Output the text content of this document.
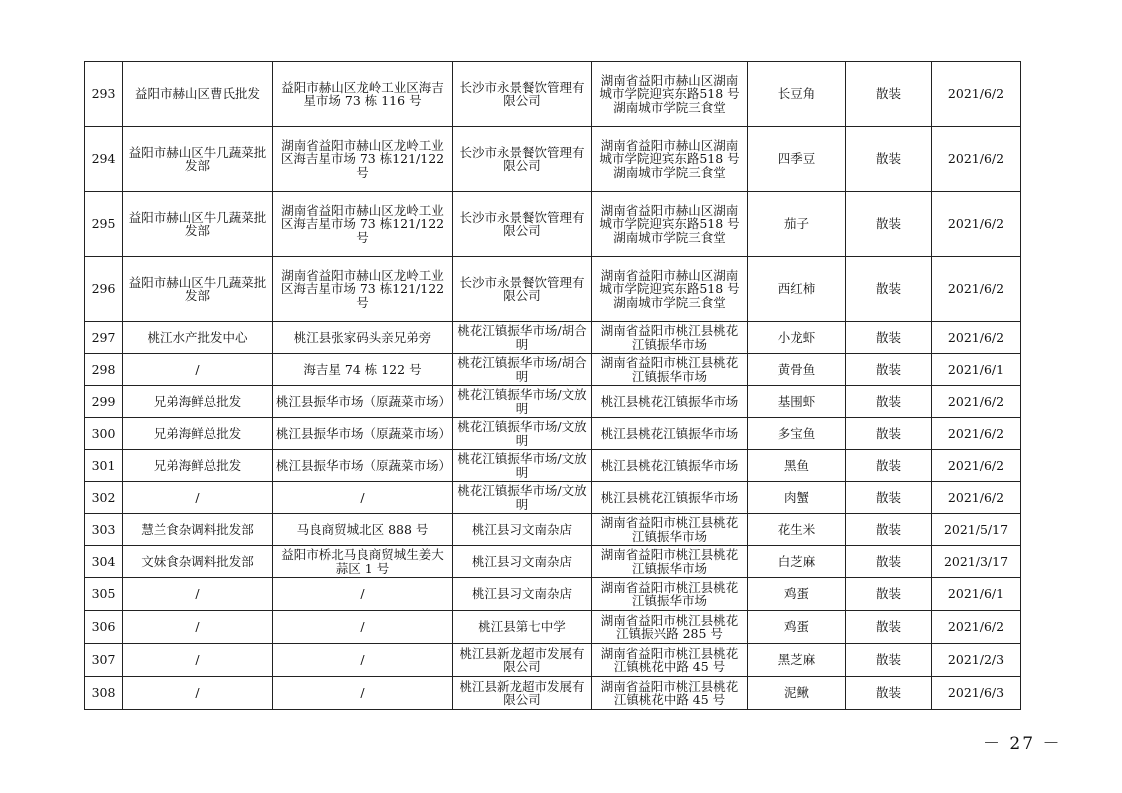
293	益阳市赫山区曹氏批发	益阳市赫山区龙岭工业区海吉星市场 73 栋 116 号	长沙市永景餐饮管理有限公司	湖南省益阳市赫山区湖南城市学院迎宾东路518 号湖南城市学院三食堂	长豆角	散装	2021/6/2
294	益阳市赫山区牛几蔬菜批发部	湖南省益阳市赫山区龙岭工业区海吉星市场 73 栋121/122 号	长沙市永景餐饮管理有限公司	湖南省益阳市赫山区湖南城市学院迎宾东路518 号湖南城市学院三食堂	四季豆	散装	2021/6/2
295	益阳市赫山区牛几蔬菜批发部	湖南省益阳市赫山区龙岭工业区海吉星市场 73 栋121/122 号	长沙市永景餐饮管理有限公司	湖南省益阳市赫山区湖南城市学院迎宾东路518 号湖南城市学院三食堂	茄子	散装	2021/6/2
296	益阳市赫山区牛几蔬菜批发部	湖南省益阳市赫山区龙岭工业区海吉星市场 73 栋121/122 号	长沙市永景餐饮管理有限公司	湖南省益阳市赫山区湖南城市学院迎宾东路518 号湖南城市学院三食堂	西红柿	散装	2021/6/2
297	桃江水产批发中心	桃江县张家码头亲兄弟旁	桃花江镇振华市场/胡合明	湖南省益阳市桃江县桃花江镇振华市场	小龙虾	散装	2021/6/2
298	/	海吉星 74 栋 122 号	桃花江镇振华市场/胡合明	湖南省益阳市桃江县桃花江镇振华市场	黄骨鱼	散装	2021/6/1
299	兄弟海鲜总批发	桃江县振华市场（原蔬菜市场）	桃花江镇振华市场/文放明	桃江县桃花江镇振华市场	基围虾	散装	2021/6/2
300	兄弟海鲜总批发	桃江县振华市场（原蔬菜市场）	桃花江镇振华市场/文放明	桃江县桃花江镇振华市场	多宝鱼	散装	2021/6/2
301	兄弟海鲜总批发	桃江县振华市场（原蔬菜市场）	桃花江镇振华市场/文放明	桃江县桃花江镇振华市场	黑鱼	散装	2021/6/2
302	/	/	桃花江镇振华市场/文放明	桃江县桃花江镇振华市场	肉蟹	散装	2021/6/2
303	慧兰食杂调料批发部	马良商贸城北区 888 号	桃江县习文南杂店	湖南省益阳市桃江县桃花江镇振华市场	花生米	散装	2021/5/17
304	文妹食杂调料批发部	益阳市桥北马良商贸城生姜大蒜区 1 号	桃江县习文南杂店	湖南省益阳市桃江县桃花江镇振华市场	白芝麻	散装	2021/3/17
305	/	/	桃江县习文南杂店	湖南省益阳市桃江县桃花江镇振华市场	鸡蛋	散装	2021/6/1
306	/	/	桃江县第七中学	湖南省益阳市桃江县桃花江镇振兴路 285 号	鸡蛋	散装	2021/6/2
307	/	/	桃江县新龙超市发展有限公司	湖南省益阳市桃江县桃花江镇桃花中路 45 号	黑芝麻	散装	2021/2/3
308	/	/	桃江县新龙超市发展有限公司	湖南省益阳市桃江县桃花江镇桃花中路 45 号	泥鳅	散装	2021/6/3
－ 27 －
